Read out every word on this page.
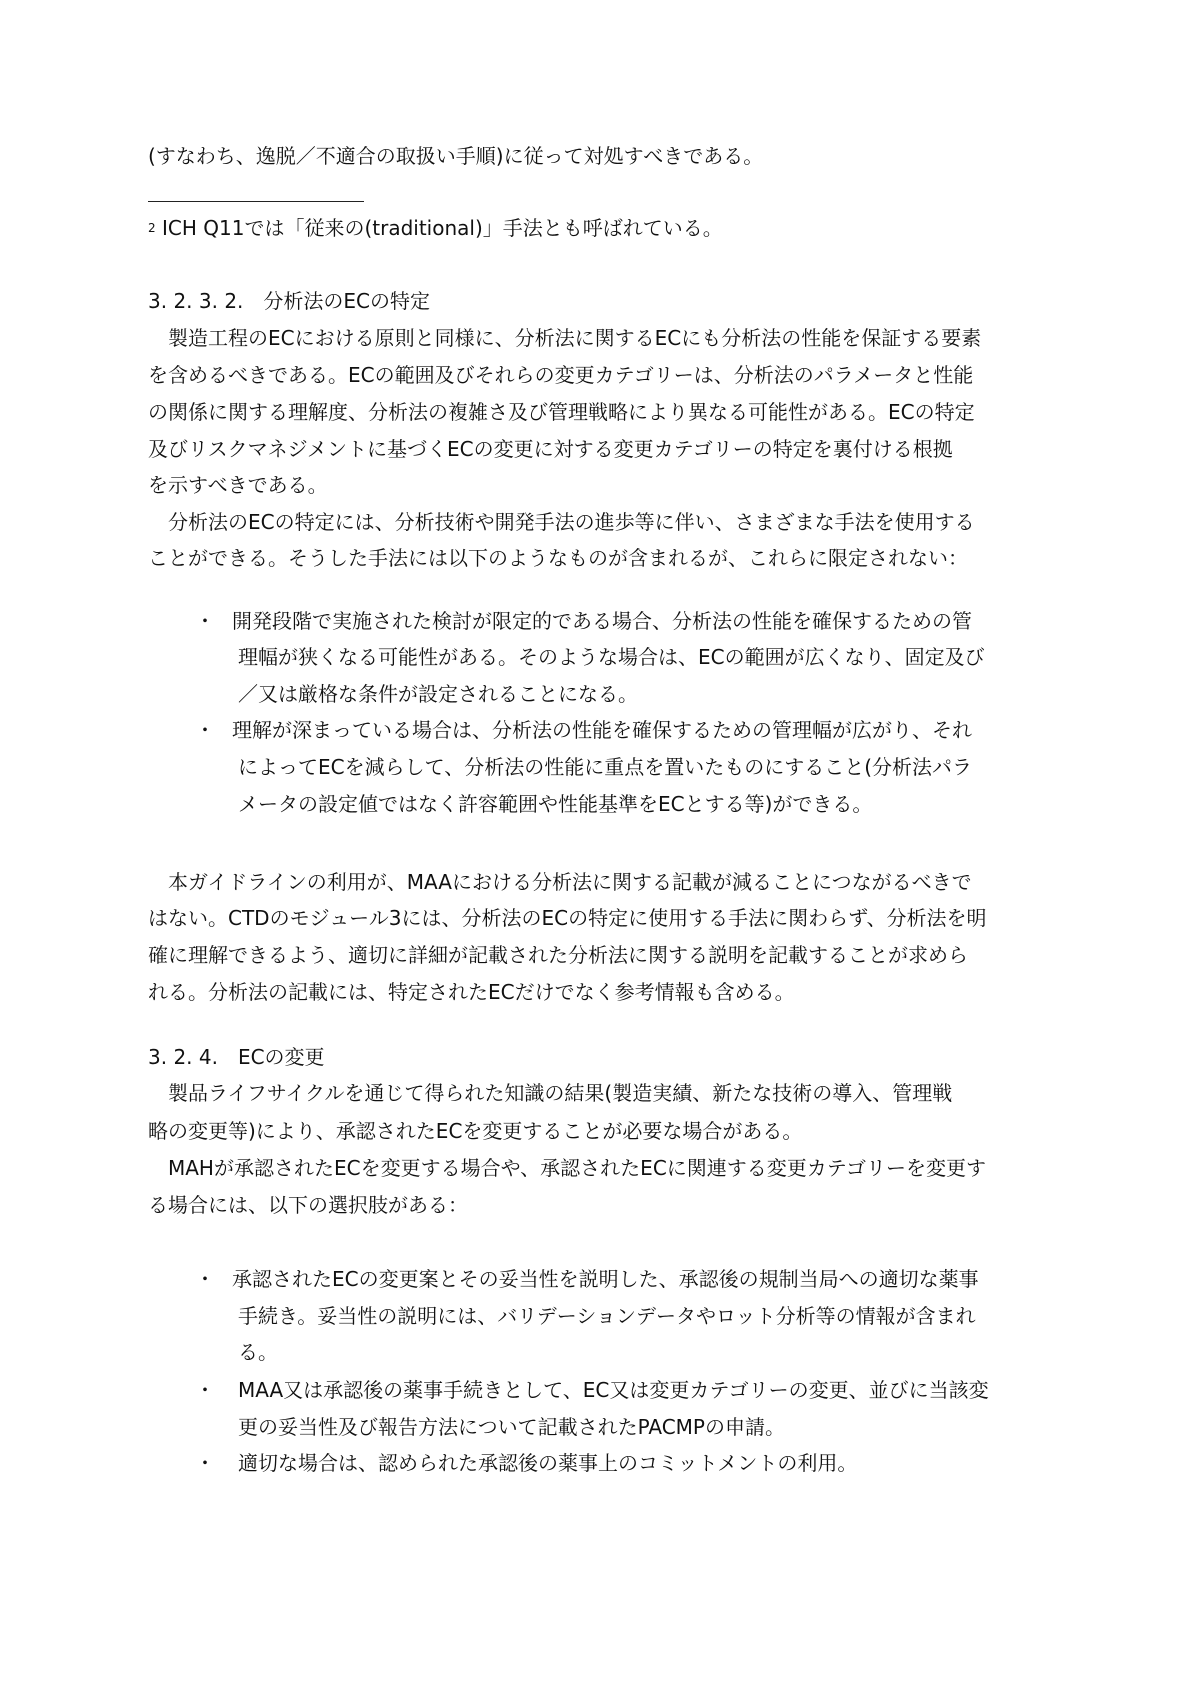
(すなわち、逸脱／不適合の取扱い手順)に従って対処すべきである。
$^2$ ICH Q11では「従来の(traditional)」手法とも呼ばれている。
3. 2. 3. 2.　分析法のECの特定
　製造工程のECにおける原則と同様に、分析法に関するECにも分析法の性能を保証する要素
を含めるべきである。ECの範囲及びそれらの変更カテゴリーは、分析法のパラメータと性能
の関係に関する理解度、分析法の複雑さ及び管理戦略により異なる可能性がある。ECの特定
及びリスクマネジメントに基づくECの変更に対する変更カテゴリーの特定を裏付ける根拠
を示すべきである。
　分析法のECの特定には、分析技術や開発手法の進歩等に伴い、さまざまな手法を使用する
ことができる。そうした手法には以下のようなものが含まれるが、これらに限定されない：
・ 開発段階で実施された検討が限定的である場合、分析法の性能を確保するための管
理幅が狭くなる可能性がある。そのような場合は、ECの範囲が広くなり、固定及び
／又は厳格な条件が設定されることになる。
・ 理解が深まっている場合は、分析法の性能を確保するための管理幅が広がり、それ
によってECを減らして、分析法の性能に重点を置いたものにすること(分析法パラ
メータの設定値ではなく許容範囲や性能基準をECとする等)ができる。
　本ガイドラインの利用が、MAAにおける分析法に関する記載が減ることにつながるべきで
はない。CTDのモジュール3には、分析法のECの特定に使用する手法に関わらず、分析法を明
確に理解できるよう、適切に詳細が記載された分析法に関する説明を記載することが求めら
れる。分析法の記載には、特定されたECだけでなく参考情報も含める。
3. 2. 4.　ECの変更
　製品ライフサイクルを通じて得られた知識の結果(製造実績、新たな技術の導入、管理戦
略の変更等)により、承認されたECを変更することが必要な場合がある。
　MAHが承認されたECを変更する場合や、承認されたECに関連する変更カテゴリーを変更す
る場合には、以下の選択肢がある：
・ 承認されたECの変更案とその妥当性を説明した、承認後の規制当局への適切な薬事
手続き。妥当性の説明には、バリデーションデータやロット分析等の情報が含まれ
る。
・ MAA又は承認後の薬事手続きとして、EC又は変更カテゴリーの変更、並びに当該変
更の妥当性及び報告方法について記載されたPACMPの申請。
・ 適切な場合は、認められた承認後の薬事上のコミットメントの利用。
